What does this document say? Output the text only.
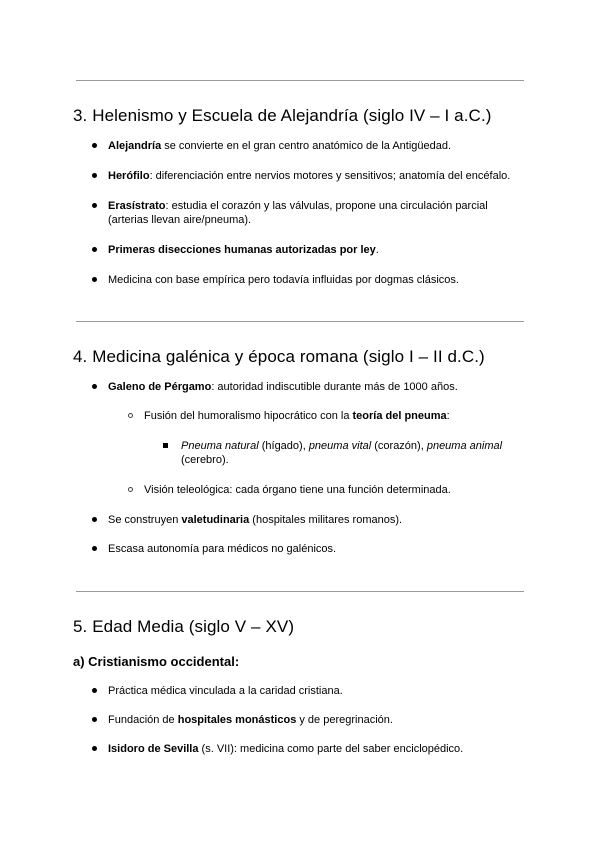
3. Helenismo y Escuela de Alejandría (siglo IV – I a.C.)
Alejandría se convierte en el gran centro anatómico de la Antigüedad.
Herófilo: diferenciación entre nervios motores y sensitivos; anatomía del encéfalo.
Erasístrato: estudia el corazón y las válvulas, propone una circulación parcial
(arterias llevan aire/pneuma).
Primeras disecciones humanas autorizadas por ley.
Medicina con base empírica pero todavía influidas por dogmas clásicos.
4. Medicina galénica y época romana (siglo I – II d.C.)
Galeno de Pérgamo: autoridad indiscutible durante más de 1000 años.
Fusión del humoralismo hipocrático con la teoría del pneuma:
Pneuma natural (hígado), pneuma vital (corazón), pneuma animal
(cerebro).
Visión teleológica: cada órgano tiene una función determinada.
Se construyen valetudinaria (hospitales militares romanos).
Escasa autonomía para médicos no galénicos.
5. Edad Media (siglo V – XV)
a) Cristianismo occidental:
Práctica médica vinculada a la caridad cristiana.
Fundación de hospitales monásticos y de peregrinación.
Isidoro de Sevilla (s. VII): medicina como parte del saber enciclopédico.
